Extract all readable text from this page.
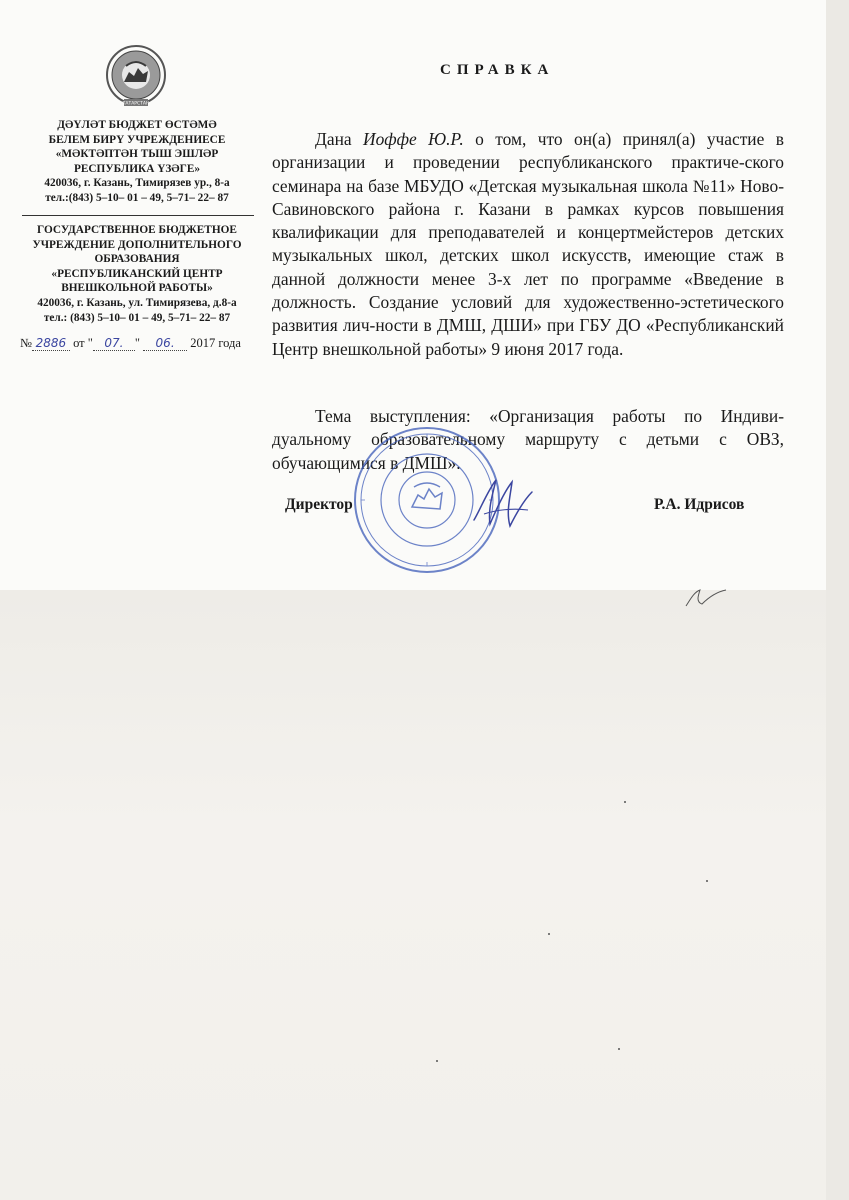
ТАТАРСТАН
ДӘҮЛӘТ БЮДЖЕТ ӨСТӘМӘ
БЕЛЕМ БИРҮ УЧРЕЖДЕНИЕСЕ
«МӘКТӘПТӘН ТЫШ ЭШЛӘР
РЕСПУБЛИКА ҮЗӘГЕ»
420036, г. Казань, Тимирязев ур., 8-а
тел.:(843) 5–10– 01 – 49, 5–71– 22– 87
ГОСУДАРСТВЕННОЕ БЮДЖЕТНОЕ
УЧРЕЖДЕНИЕ ДОПОЛНИТЕЛЬНОГО
ОБРАЗОВАНИЯ
«РЕСПУБЛИКАНСКИЙ ЦЕНТР
ВНЕШКОЛЬНОЙ РАБОТЫ»
420036, г. Казань, ул. Тимирязева, д.8-а
тел.: (843) 5–10– 01 – 49, 5–71– 22– 87
№ 2886 от " 07. " 06. 2017 года
СПРАВКА
Дана Иоффе Ю.Р. о том, что он(а) принял(а) участие в организации и проведении республиканского практиче-ского семинара на базе МБУДО «Детская музыкальная школа №11» Ново-Савиновского района г. Казани в рамках курсов повышения квалификации для преподавателей и концертмейстеров детских музыкальных школ, детских школ искусств, имеющие стаж в данной должности менее 3-х лет по программе «Введение в должность. Создание условий для художественно-эстетического развития лич-ности в ДМШ, ДШИ» при ГБУ ДО «Республиканский Центр внешкольной работы» 9 июня 2017 года.
Тема выступления: «Организация работы по Индиви-дуальному образовательному маршруту с детьми с ОВЗ, обучающимися в ДМШ».
Директор	Р.А. Идрисов
